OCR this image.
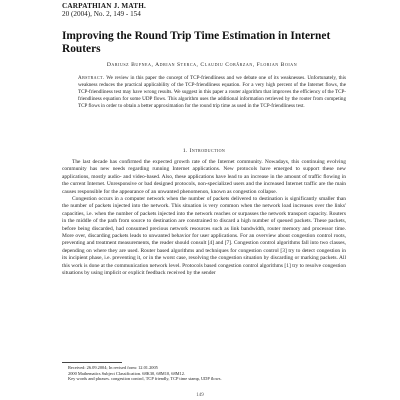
CARPATHIAN J. MATH.
20 (2004), No. 2, 149 - 154
Improving the Round Trip Time Estimation in Internet Routers
Dariusz Bufnea, Adrian Sterca, Claudiu Cobârzan, Florian Boian
Abstract. We review in this paper the concept of TCP-friendliness and we debate one of its weaknesses. Unfortunately, this weakness reduces the practical applicability of the TCP-friendliness equation. For a very high percent of the Internet flows, the TCP-friendliness test may have wrong results. We suggest in this paper a router algorithm that improves the efficiency of the TCP-friendliness equation for some UDP flows. This algorithm uses the additional information retrieved by the router from competing TCP flows in order to obtain a better approximation for the round trip time as used in the TCP-friendliness test.
1. Introduction

The last decade has confirmed the expected growth rate of the Internet community. Nowadays, this continuing evolving community has new needs regarding running Internet applications. New protocols have emerged to support these new applications, mostly audio- and video-based. Also, these applications have lead to an increase in the amount of traffic flowing in the current Internet. Unresponsive or bad designed protocols, non-specialized users and the increased Internet traffic are the main causes responsible for the appearance of an unwanted phenomenon, known as congestion collapse.

Congestion occurs in a computer network when the number of packets delivered to destination is significantly smaller than the number of packets injected into the network. This situation is very common when the network load increases over the links' capacities, i.e. when the number of packets injected into the network reaches or surpasses the network transport capacity. Routers in the middle of the path from source to destination are constrained to discard a high number of queued packets. These packets, before being discarded, had consumed precious network resources such as link bandwidth, router memory and processor time. More over, discarding packets leads to unwanted behavior for user applications. For an overview about congestion control roots, preventing and treatment measurements, the reader should consult [4] and [7]. Congestion control algorithms fall into two classes, depending on where they are used. Router based algorithms and techniques for congestion control [3] try to detect congestion in its incipient phase, i.e. preventing it, or in the worst case, resolving the congestion situation by discarding or marking packets. All this work is done at the communication network level. Protocols based congestion control algorithms [1] try to resolve congestion situations by using implicit or explicit feedback received by the sender

Received: 26.09.2004; In revised form: 12.01.2005
2000 Mathematics Subject Classification. 68K30, 68M10, 68M12.
Key words and phrases. congestion control, TCP friendly, TCP time stamp, UDP flows.
149
